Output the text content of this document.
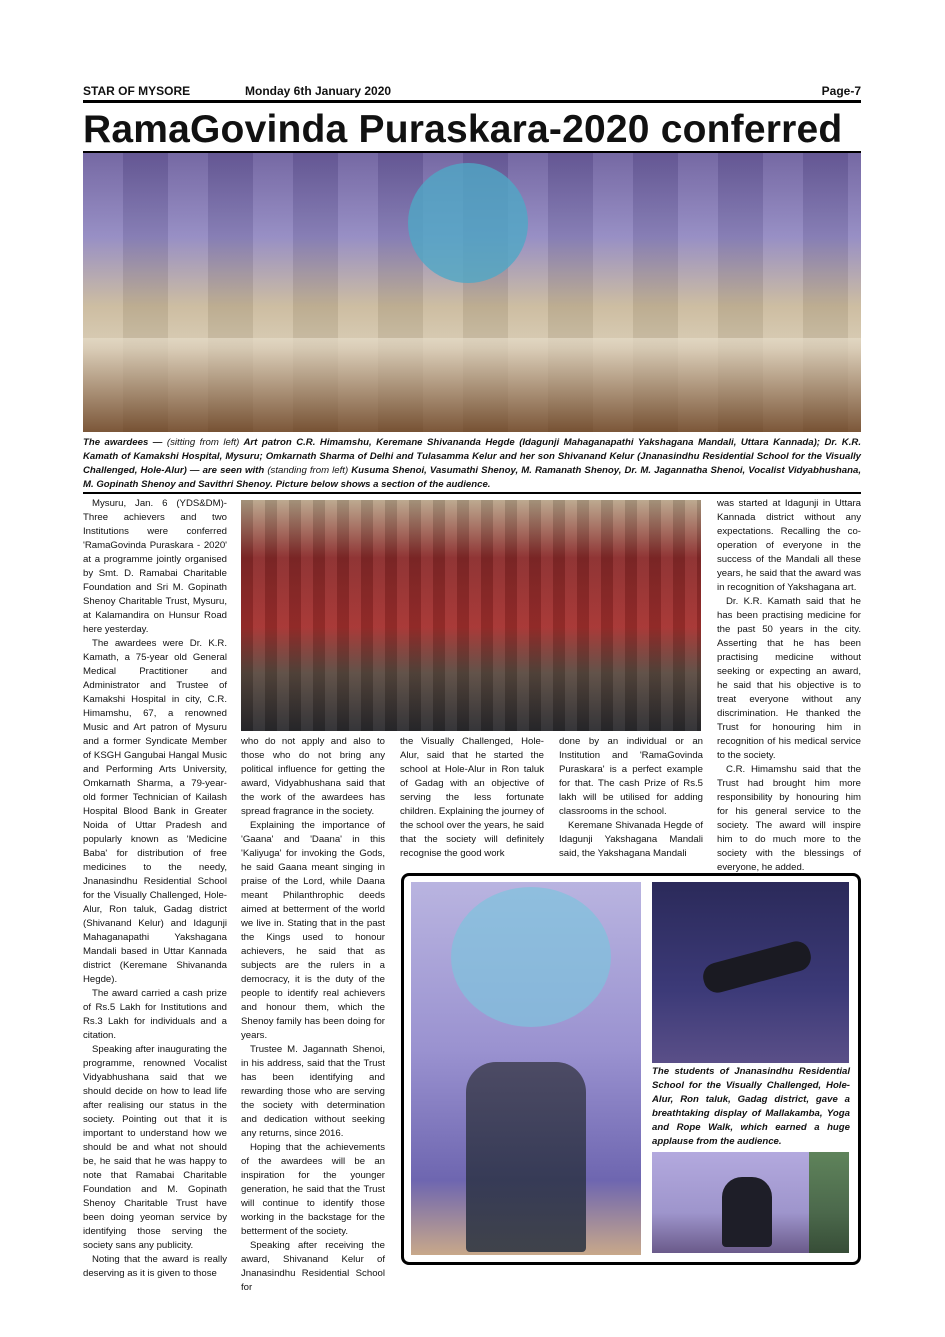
STAR OF MYSORE	Monday 6th January 2020	Page-7
RamaGovinda Puraskara-2020 conferred
The awardees — (sitting from left) Art patron C.R. Himamshu, Keremane Shivananda Hegde (Idagunji Mahaganapathi Yakshagana Mandali, Uttara Kannada); Dr. K.R. Kamath of Kamakshi Hospital, Mysuru; Omkarnath Sharma of Delhi and Tulasamma Kelur and her son Shivanand Kelur (Jnanasindhu Residential School for the Visually Challenged, Hole-Alur) — are seen with (standing from left) Kusuma Shenoi, Vasumathi Shenoy, M. Ramanath Shenoy, Dr. M. Jagannatha Shenoi, Vocalist Vidyabhushana, M. Gopinath Shenoy and Savithri Shenoy. Picture below shows a section of the audience.

Mysuru, Jan. 6 (YDS&DM)- Three achievers and two Institutions were conferred 'RamaGovinda Puraskara - 2020' at a programme jointly organised by Smt. D. Ramabai Charitable Foundation and Sri M. Gopinath Shenoy Charitable Trust, Mysuru, at Kalamandira on Hunsur Road here yesterday.

The awardees were Dr. K.R. Kamath, a 75-year old General Medical Practitioner and Administrator and Trustee of Kamakshi Hospital in city, C.R. Himamshu, 67, a renowned Music and Art patron of Mysuru and a former Syndicate Member of KSGH Gangubai Hangal Music and Performing Arts University, Omkarnath Sharma, a 79-year-old former Technician of Kailash Hospital Blood Bank in Greater Noida of Uttar Pradesh and popularly known as 'Medicine Baba' for distribution of free medicines to the needy, Jnanasindhu Residential School for the Visually Challenged, Hole-Alur, Ron taluk, Gadag district (Shivanand Kelur) and Idagunji Mahaganapathi Yakshagana Mandali based in Uttar Kannada district (Keremane Shivananda Hegde).

The award carried a cash prize of Rs.5 Lakh for Institutions and Rs.3 Lakh for individuals and a citation.

Speaking after inaugurating the programme, renowned Vocalist Vidyabhushana said that we should decide on how to lead life after realising our status in the society. Pointing out that it is important to understand how we should be and what not should be, he said that he was happy to note that Ramabai Charitable Foundation and M. Gopinath Shenoy Charitable Trust have been doing yeoman service by identifying those serving the society sans any publicity.

Noting that the award is really deserving as it is given to those

who do not apply and also to those who do not bring any political influence for getting the award, Vidyabhushana said that the work of the awardees has spread fragrance in the society.

Explaining the importance of 'Gaana' and 'Daana' in this 'Kaliyuga' for invoking the Gods, he said Gaana meant singing in praise of the Lord, while Daana meant Philanthrophic deeds aimed at betterment of the world we live in. Stating that in the past the Kings used to honour achievers, he said that as subjects are the rulers in a democracy, it is the duty of the people to identify real achievers and honour them, which the Shenoy family has been doing for years.

Trustee M. Jagannath Shenoi, in his address, said that the Trust has been identifying and rewarding those who are serving the society with determination and dedication without seeking any returns, since 2016.

Hoping that the achievements of the awardees will be an inspiration for the younger generation, he said that the Trust will continue to identify those working in the backstage for the betterment of the society.

Speaking after receiving the award, Shivanand Kelur of Jnanasindhu Residential School for

the Visually Challenged, Hole-Alur, said that he started the school at Hole-Alur in Ron taluk of Gadag with an objective of serving the less fortunate children. Explaining the journey of the school over the years, he said that the society will definitely recognise the good work

done by an individual or an Institution and 'RamaGovinda Puraskara' is a perfect example for that. The cash Prize of Rs.5 lakh will be utilised for adding classrooms in the school.

Keremane Shivanada Hegde of Idagunji Yakshagana Mandali said, the Yakshagana Mandali

was started at Idagunji in Uttara Kannada district without any expectations. Recalling the co-operation of everyone in the success of the Mandali all these years, he said that the award was in recognition of Yakshagana art.

Dr. K.R. Kamath said that he has been practising medicine for the past 50 years in the city. Asserting that he has been practising medicine without seeking or expecting an award, he said that his objective is to treat everyone without any discrimination. He thanked the Trust for honouring him in recognition of his medical service to the society.

C.R. Himamshu said that the Trust had brought him more responsibility by honouring him for his general service to the society. The award will inspire him to do much more to the society with the blessings of everyone, he added.

The students of Jnanasindhu Residential School for the Visually Challenged, Hole-Alur, Ron taluk, Gadag district, gave a breathtaking display of Mallakamba, Yoga and Rope Walk, which earned a huge applause from the audience.
